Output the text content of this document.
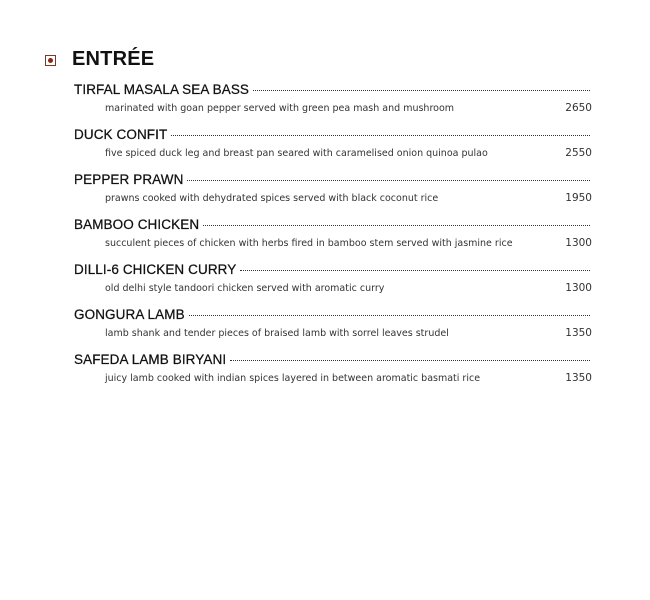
ENTRÉE
TIRFAL MASALA SEA BASS
marinated with goan pepper served with green pea mash and mushroom	2650
DUCK CONFIT
five spiced duck leg and breast pan seared with caramelised onion quinoa pulao	2550
PEPPER PRAWN
prawns cooked with dehydrated spices served with black coconut rice	1950
BAMBOO CHICKEN
succulent pieces of chicken with herbs fired in bamboo stem served with jasmine rice	1300
DILLI-6 CHICKEN CURRY
old delhi style tandoori chicken served with aromatic curry	1300
GONGURA LAMB
lamb shank and tender pieces of braised lamb with sorrel leaves strudel	1350
SAFEDA LAMB BIRYANI
juicy lamb cooked with indian spices layered in between aromatic basmati rice	1350
